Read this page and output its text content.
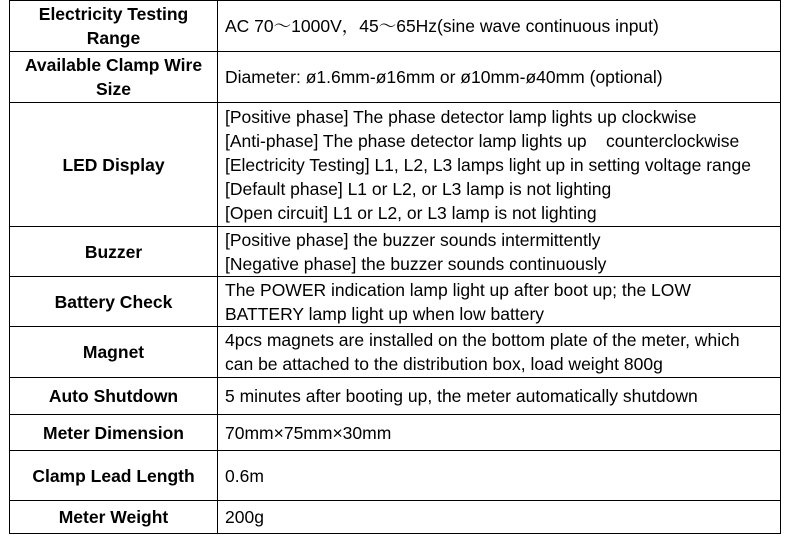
Electricity Testing Range	AC 70～1000V，45～65Hz(sine wave continuous input)

Available Clamp Wire Size	Diameter: ø1.6mm-ø16mm or ø10mm-ø40mm (optional)

LED Display	[Positive phase] The phase detector lamp lights up clockwise
[Anti-phase] The phase detector lamp lights up    counterclockwise
[Electricity Testing] L1, L2, L3 lamps light up in setting voltage range
[Default phase] L1 or L2, or L3 lamp is not lighting
[Open circuit] L1 or L2, or L3 lamp is not lighting

Buzzer	[Positive phase] the buzzer sounds intermittently
[Negative phase] the buzzer sounds continuously

Battery Check	The POWER indication lamp light up after boot up; the LOW
BATTERY lamp light up when low battery

Magnet	4pcs magnets are installed on the bottom plate of the meter, which
can be attached to the distribution box, load weight 800g

Auto Shutdown	5 minutes after booting up, the meter automatically shutdown

Meter Dimension	70mm×75mm×30mm

Clamp Lead Length	0.6m

Meter Weight	200g
